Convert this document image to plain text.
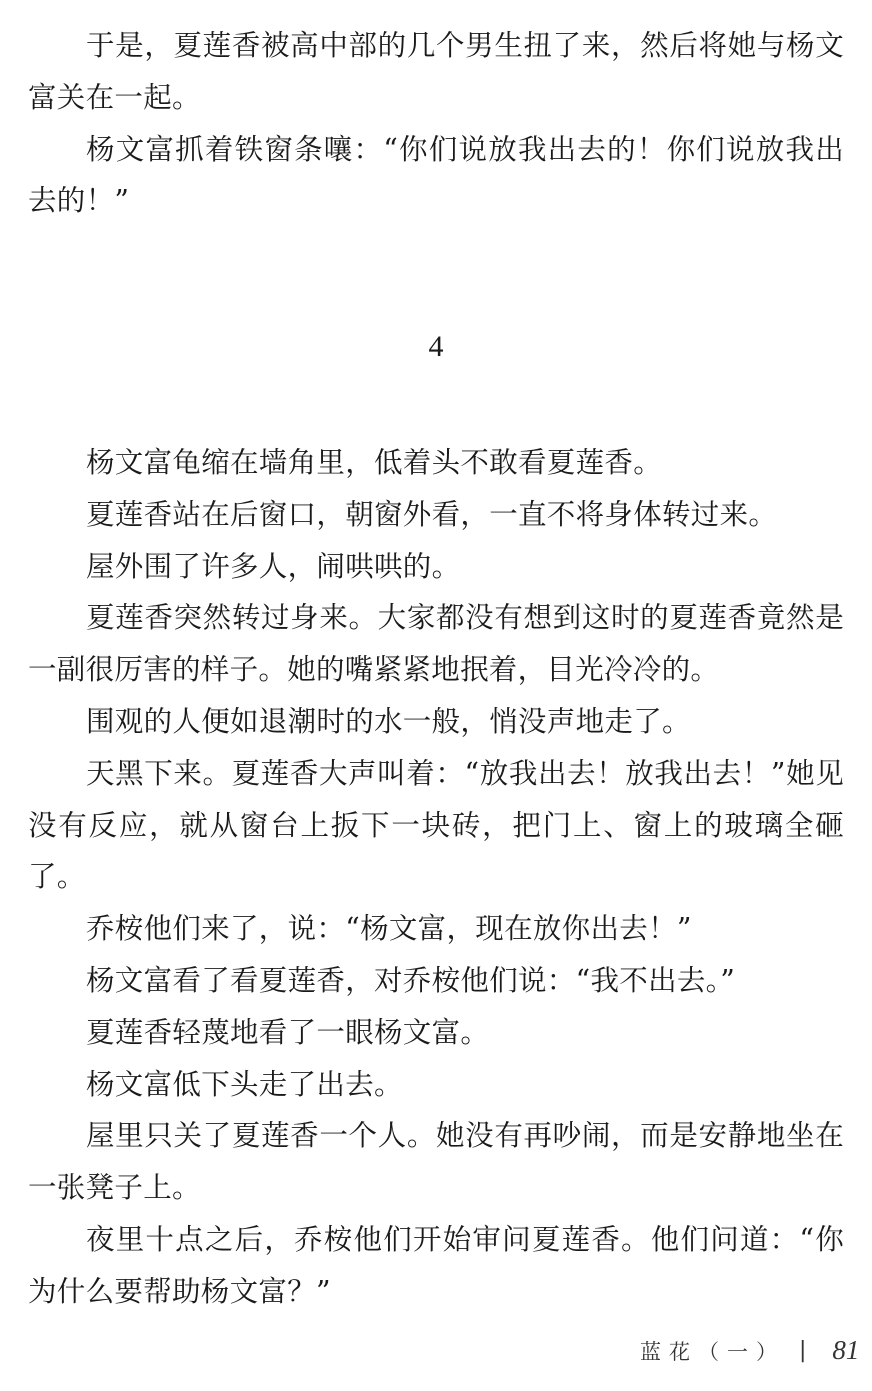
于是，夏莲香被高中部的几个男生扭了来，然后将她与杨文富关在一起。

杨文富抓着铁窗条嚷：“你们说放我出去的！你们说放我出去的！”

4

杨文富龟缩在墙角里，低着头不敢看夏莲香。

夏莲香站在后窗口，朝窗外看，一直不将身体转过来。

屋外围了许多人，闹哄哄的。

夏莲香突然转过身来。大家都没有想到这时的夏莲香竟然是一副很厉害的样子。她的嘴紧紧地抿着，目光冷冷的。

围观的人便如退潮时的水一般，悄没声地走了。

天黑下来。夏莲香大声叫着：“放我出去！放我出去！”她见没有反应，就从窗台上扳下一块砖，把门上、窗上的玻璃全砸了。

乔桉他们来了，说：“杨文富，现在放你出去！”

杨文富看了看夏莲香，对乔桉他们说：“我不出去。”

夏莲香轻蔑地看了一眼杨文富。

杨文富低下头走了出去。

屋里只关了夏莲香一个人。她没有再吵闹，而是安静地坐在一张凳子上。

夜里十点之后，乔桉他们开始审问夏莲香。他们问道：“你为什么要帮助杨文富？”

蓝花（一） | 81
